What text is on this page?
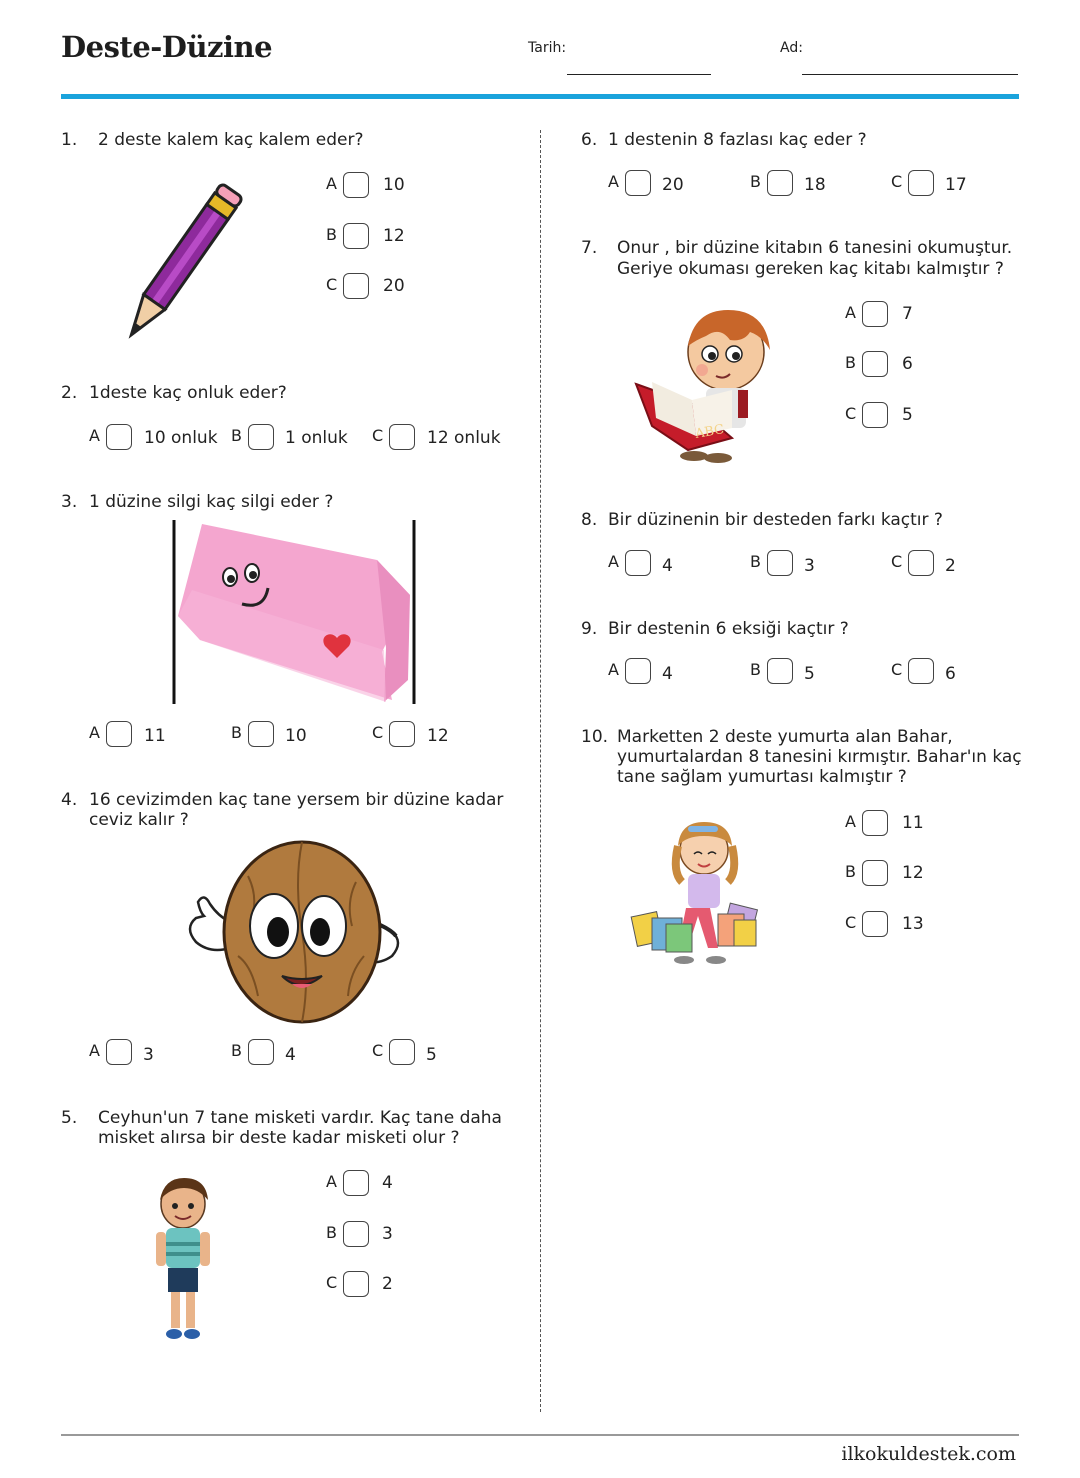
Deste-Düzine	Tarih:	Ad:
1. 2 deste kalem kaç kalem eder?
A	10
B	12
C	20
2. 1deste kaç onluk eder?
A	10 onluk B	1 onluk C	12 onluk
3. 1 düzine silgi kaç silgi eder ?
A	11	B	10	C	12
4. 16 cevizimden kaç tane yersem bir düzine kadar
ceviz kalır ?
A	3	B	4	C	5
5. Ceyhun'un 7 tane misketi vardır. Kaç tane daha
misket alırsa bir deste kadar misketi olur ?
A	4
B	3
C	2
6. 1 destenin 8 fazlası kaç eder ?
A	20	B	18	C	17
7. Onur , bir düzine kitabın 6 tanesini okumuştur.
Geriye okuması gereken kaç kitabı kalmıştır ?
ABC
A	7
B	6
C	5
8. Bir düzinenin bir desteden farkı kaçtır ?
A	4	B	3	C	2
9. Bir destenin 6 eksiği kaçtır ?
A	4	B	5	C	6
10. Marketten 2 deste yumurta alan Bahar,
yumurtalardan 8 tanesini kırmıştır. Bahar'ın kaç
tane sağlam yumurtası kalmıştır ?
A	11
B	12
C	13
ilkokuldestek.com
